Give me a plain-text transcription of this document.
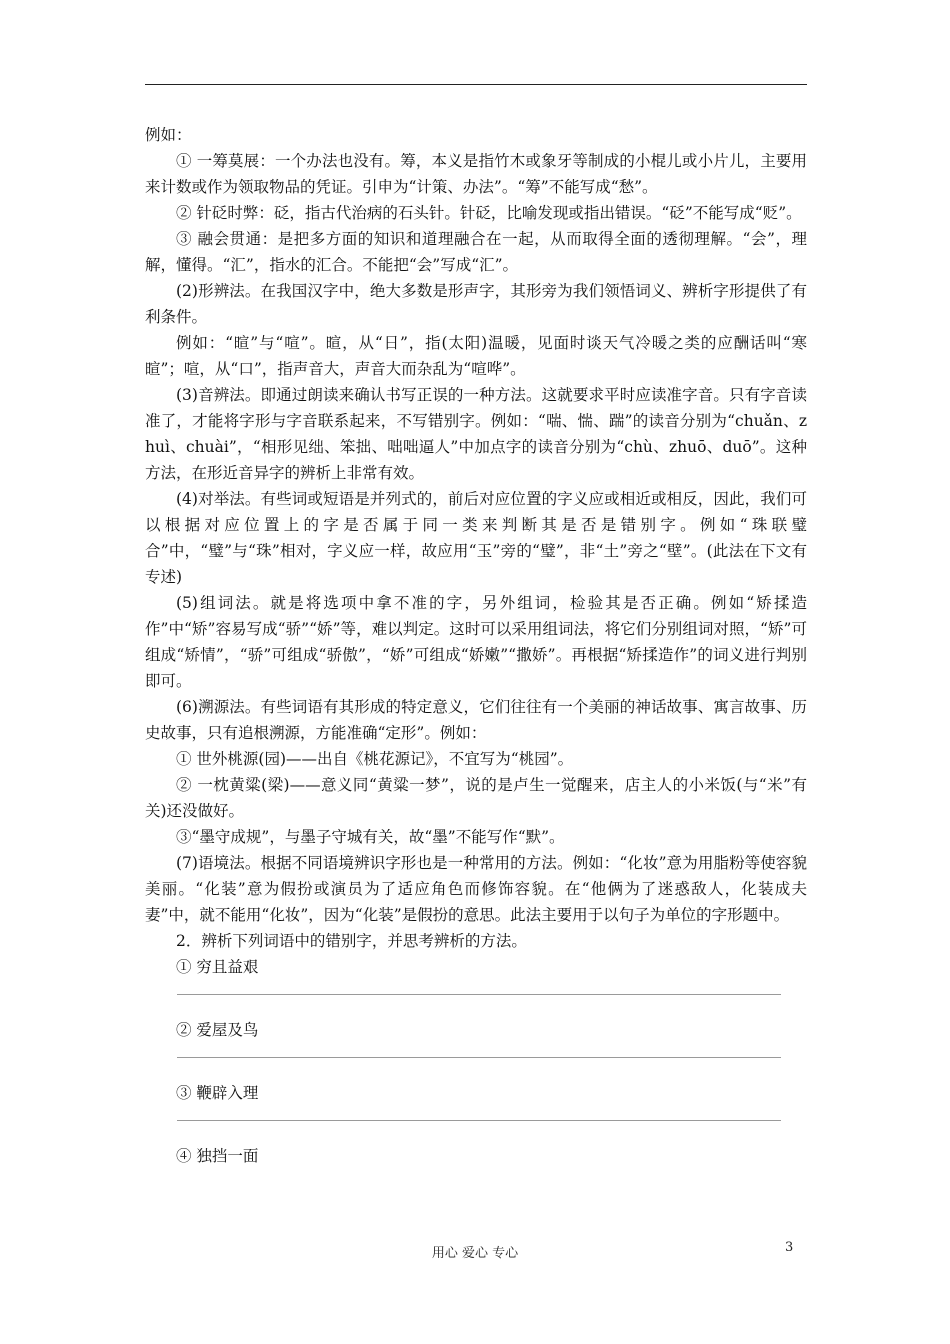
例如：

① 一筹莫展：一个办法也没有。筹，本义是指竹木或象牙等制成的小棍儿或小片儿，主要用来计数或作为领取物品的凭证。引申为“计策、办法”。“筹”不能写成“愁”。

② 针砭时弊：砭，指古代治病的石头针。针砭，比喻发现或指出错误。“砭”不能写成“贬”。

③ 融会贯通：是把多方面的知识和道理融合在一起，从而取得全面的透彻理解。“会”，理解，懂得。“汇”，指水的汇合。不能把“会”写成“汇”。

(2)形辨法。在我国汉字中，绝大多数是形声字，其形旁为我们领悟词义、辨析字形提供了有利条件。

例如：“暄”与“喧”。暄，从“日”，指(太阳)温暖，见面时谈天气冷暖之类的应酬话叫“寒暄”；喧，从“口”，指声音大，声音大而杂乱为“喧哗”。

(3)音辨法。即通过朗读来确认书写正误的一种方法。这就要求平时应读准字音。只有字音读准了，才能将字形与字音联系起来，不写错别字。例如：“喘、惴、踹”的读音分别为“chuǎn、zhuì、chuài”，“相形见绌、笨拙、咄咄逼人”中加点字的读音分别为“chù、zhuō、duō”。这种方法，在形近音异字的辨析上非常有效。

(4)对举法。有些词或短语是并列式的，前后对应位置的字义应或相近或相反，因此，我们可以根据对应位置上的字是否属于同一类来判断其是否是错别字。例如“珠联璧合”中，“璧”与“珠”相对，字义应一样，故应用“玉”旁的“璧”，非“土”旁之“壁”。(此法在下文有专述)

(5)组词法。就是将选项中拿不准的字，另外组词，检验其是否正确。例如“矫揉造作”中“矫”容易写成“骄”“娇”等，难以判定。这时可以采用组词法，将它们分别组词对照，“矫”可组成“矫情”，“骄”可组成“骄傲”，“娇”可组成“娇嫩”“撒娇”。再根据“矫揉造作”的词义进行判别即可。

(6)溯源法。有些词语有其形成的特定意义，它们往往有一个美丽的神话故事、寓言故事、历史故事，只有追根溯源，方能准确“定形”。例如：

① 世外桃源(园)——出自《桃花源记》，不宜写为“桃园”。

② 一枕黄粱(梁)——意义同“黄粱一梦”，说的是卢生一觉醒来，店主人的小米饭(与“米”有关)还没做好。

③“墨守成规”，与墨子守城有关，故“墨”不能写作“默”。

(7)语境法。根据不同语境辨识字形也是一种常用的方法。例如：“化妆”意为用脂粉等使容貌美丽。“化装”意为假扮或演员为了适应角色而修饰容貌。在“他俩为了迷惑敌人，化装成夫妻”中，就不能用“化妆”，因为“化装”是假扮的意思。此法主要用于以句子为单位的字形题中。

2．辨析下列词语中的错别字，并思考辨析的方法。

① 穷且益艰

② 爱屋及鸟

③ 鞭辟入理

④ 独挡一面

用心 爱心 专心	3
